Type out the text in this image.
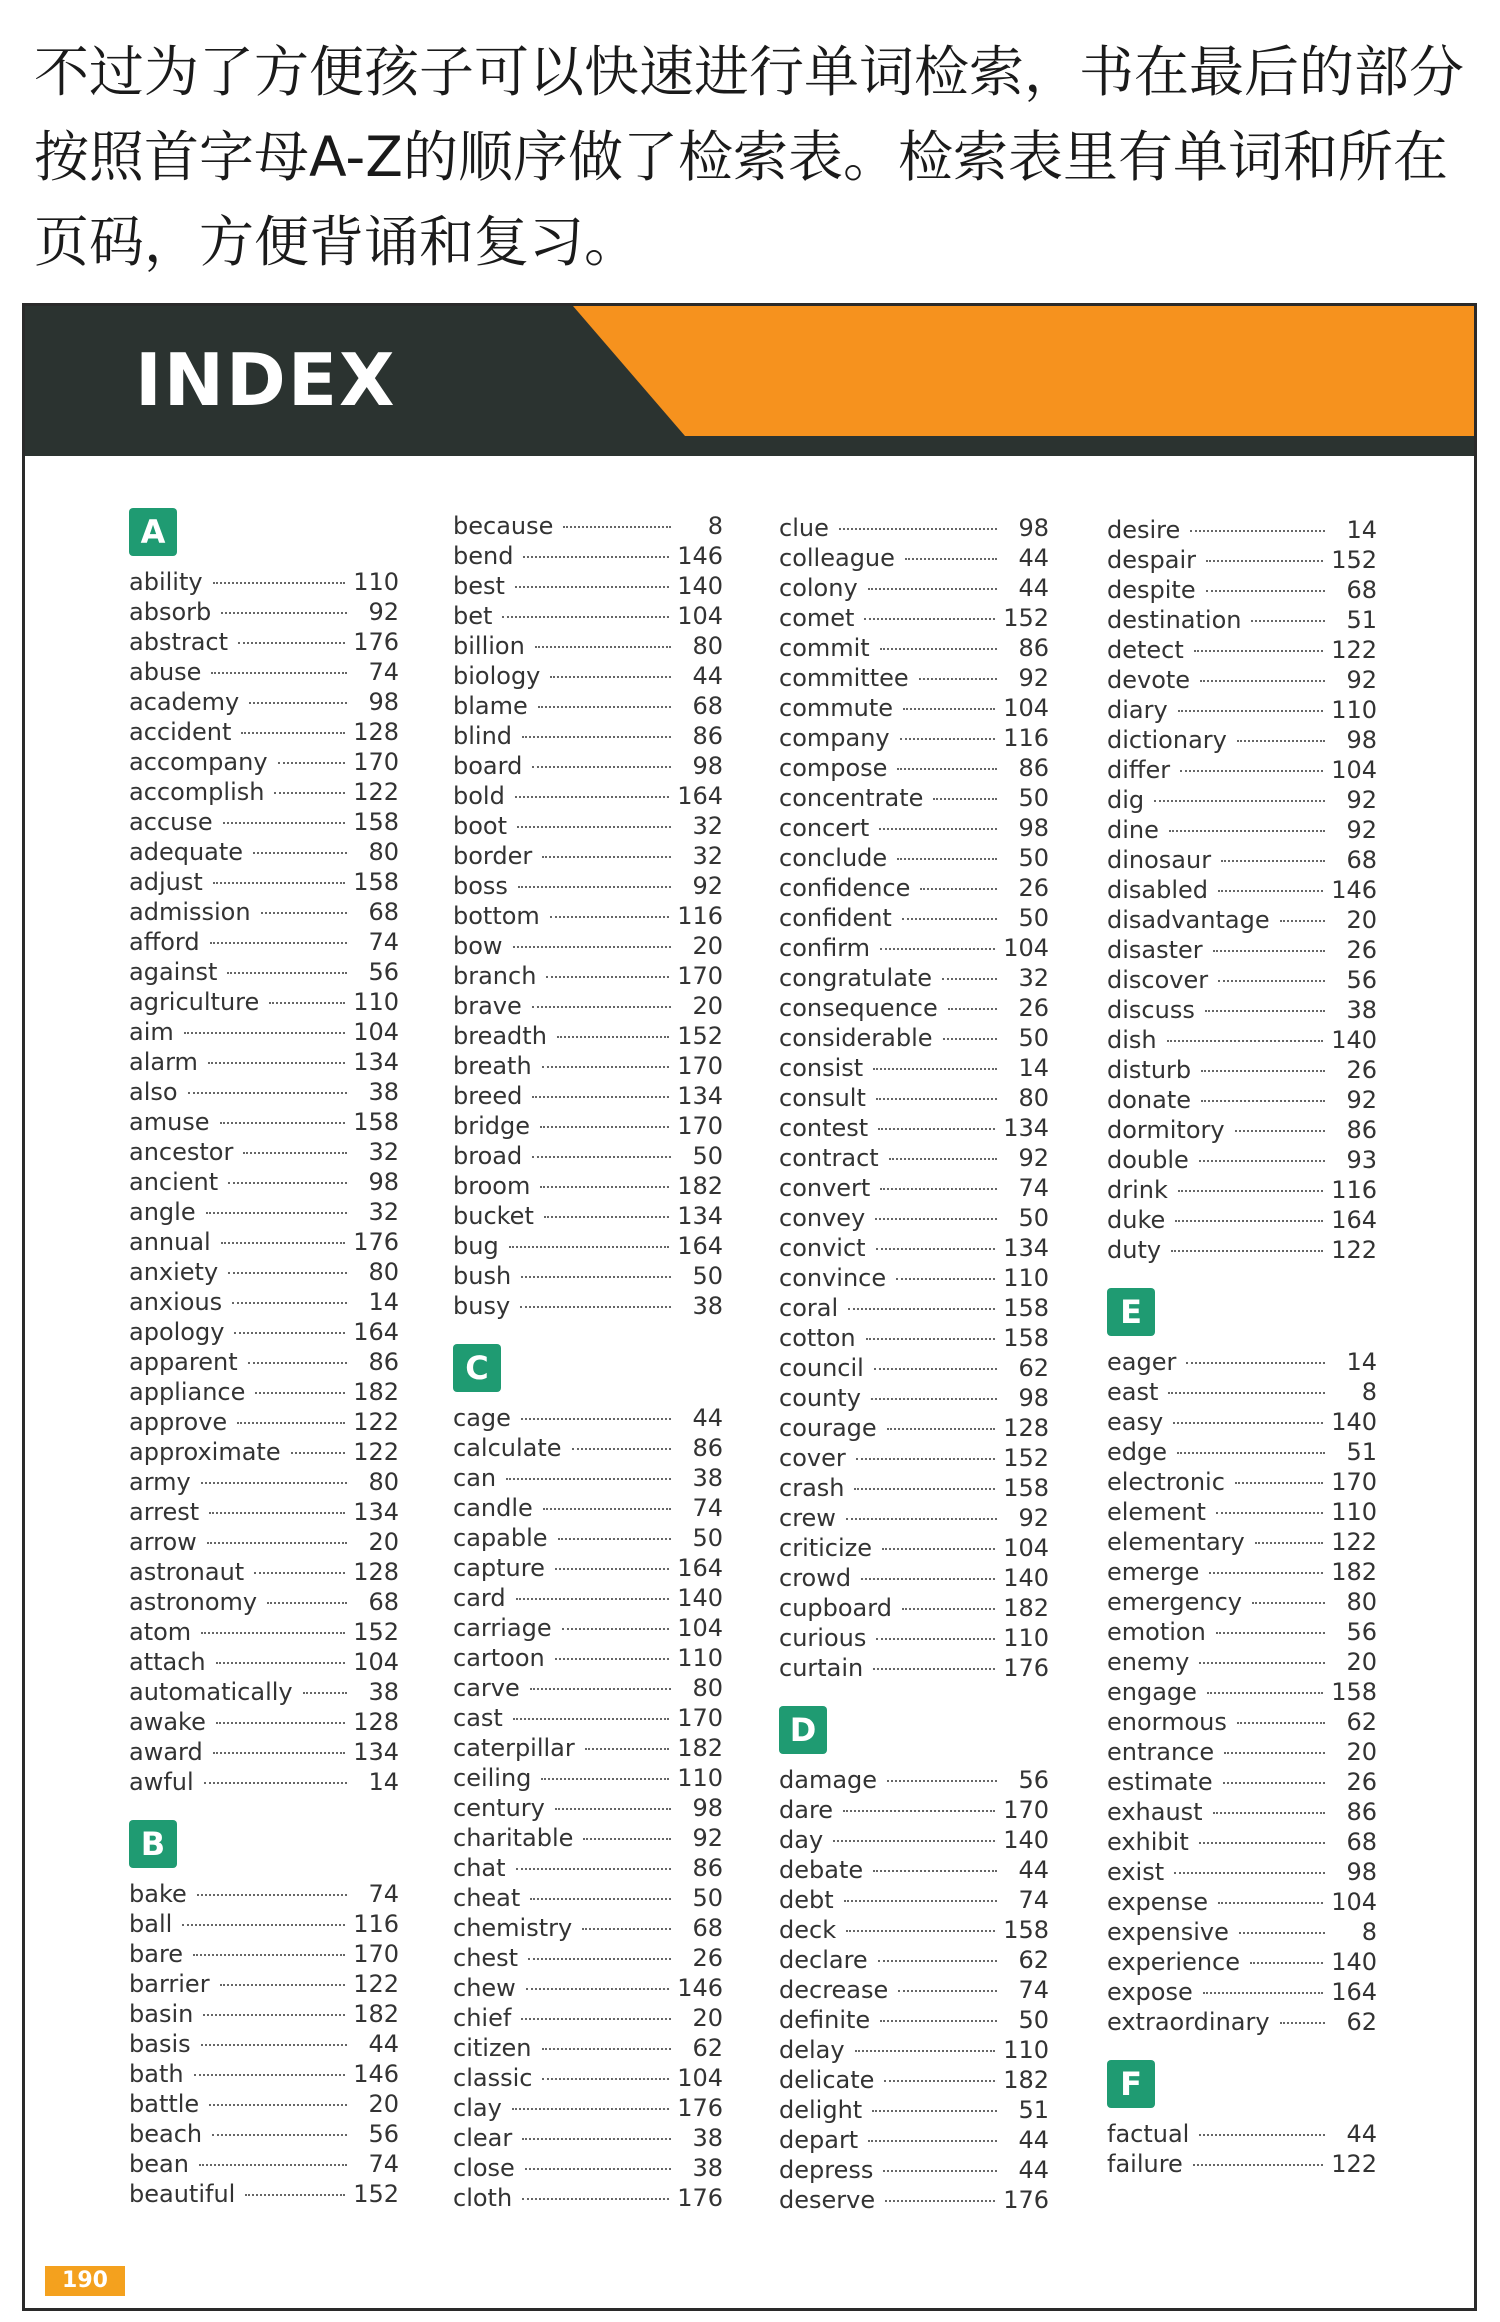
不过为了方便孩子可以快速进行单词检索，书在最后的部分按照首字母A-Z的顺序做了检索表。检索表里有单词和所在页码，方便背诵和复习。
INDEX
A
ability	110
absorb	92
abstract	176
abuse	74
academy	98
accident	128
accompany	170
accomplish	122
accuse	158
adequate	80
adjust	158
admission	68
afford	74
against	56
agriculture	110
aim	104
alarm	134
also	38
amuse	158
ancestor	32
ancient	98
angle	32
annual	176
anxiety	80
anxious	14
apology	164
apparent	86
appliance	182
approve	122
approximate	122
army	80
arrest	134
arrow	20
astronaut	128
astronomy	68
atom	152
attach	104
automatically	38
awake	128
award	134
awful	14
B
bake	74
ball	116
bare	170
barrier	122
basin	182
basis	44
bath	146
battle	20
beach	56
bean	74
beautiful	152
because	8
bend	146
best	140
bet	104
billion	80
biology	44
blame	68
blind	86
board	98
bold	164
boot	32
border	32
boss	92
bottom	116
bow	20
branch	170
brave	20
breadth	152
breath	170
breed	134
bridge	170
broad	50
broom	182
bucket	134
bug	164
bush	50
busy	38
C
cage	44
calculate	86
can	38
candle	74
capable	50
capture	164
card	140
carriage	104
cartoon	110
carve	80
cast	170
caterpillar	182
ceiling	110
century	98
charitable	92
chat	86
cheat	50
chemistry	68
chest	26
chew	146
chief	20
citizen	62
classic	104
clay	176
clear	38
close	38
cloth	176
clue	98
colleague	44
colony	44
comet	152
commit	86
committee	92
commute	104
company	116
compose	86
concentrate	50
concert	98
conclude	50
confidence	26
confident	50
confirm	104
congratulate	32
consequence	26
considerable	50
consist	14
consult	80
contest	134
contract	92
convert	74
convey	50
convict	134
convince	110
coral	158
cotton	158
council	62
county	98
courage	128
cover	152
crash	158
crew	92
criticize	104
crowd	140
cupboard	182
curious	110
curtain	176
D
damage	56
dare	170
day	140
debate	44
debt	74
deck	158
declare	62
decrease	74
definite	50
delay	110
delicate	182
delight	51
depart	44
depress	44
deserve	176
desire	14
despair	152
despite	68
destination	51
detect	122
devote	92
diary	110
dictionary	98
differ	104
dig	92
dine	92
dinosaur	68
disabled	146
disadvantage	20
disaster	26
discover	56
discuss	38
dish	140
disturb	26
donate	92
dormitory	86
double	93
drink	116
duke	164
duty	122
E
eager	14
east	8
easy	140
edge	51
electronic	170
element	110
elementary	122
emerge	182
emergency	80
emotion	56
enemy	20
engage	158
enormous	62
entrance	20
estimate	26
exhaust	86
exhibit	68
exist	98
expense	104
expensive	8
experience	140
expose	164
extraordinary	62
F
factual	44
failure	122
190
